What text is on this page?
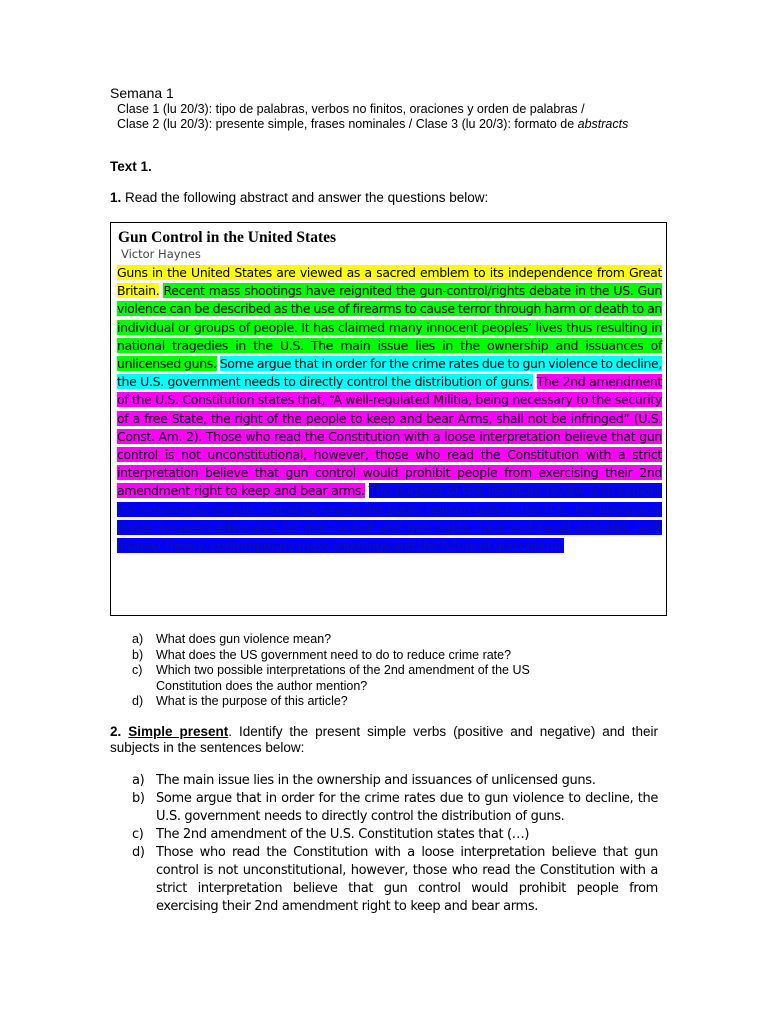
Semana 1
Clase 1 (lu 20/3): tipo de palabras, verbos no finitos, oraciones y orden de palabras /
Clase 2 (lu 20/3): presente simple, frases nominales / Clase 3 (lu 20/3): formato de abstracts
Text 1.
1. Read the following abstract and answer the questions below:
Gun Control in the United States
Victor Haynes
Guns in the United States are viewed as a sacred emblem to its independence from Great Britain. Recent mass shootings have reignited the gun-control/rights debate in the US. Gun violence can be described as the use of firearms to cause terror through harm or death to an individual or groups of people. It has claimed many innocent peoples’ lives thus resulting in national tragedies in the U.S. The main issue lies in the ownership and issuances of unlicensed guns. Some argue that in order for the crime rates due to gun violence to decline, the U.S. government needs to directly control the distribution of guns. The 2nd amendment of the U.S. Constitution states that, “A well-regulated Militia, being necessary to the security of a free State, the right of the people to keep and bear Arms, shall not be infringed” (U.S. Const. Am. 2). Those who read the Constitution with a loose interpretation believe that gun control is not unconstitutional, however, those who read the Constitution with a strict interpretation believe that gun control would prohibit people from exercising their 2nd amendment right to keep and bear arms. The purpose of this literature review is to explore the scholarship on gun control by examining public opinion polls in the U.S., the ideological divide between advocates for gun control and gun rights, race and racial attitudes, self-interest theory, contemporary mass shootings and the future of gun control.
a) What does gun violence mean?
b) What does the US government need to do to reduce crime rate?
c) Which two possible interpretations of the 2nd amendment of the US Constitution does the author mention?
d) What is the purpose of this article?
2. Simple present. Identify the present simple verbs (positive and negative) and their subjects in the sentences below:
a) The main issue lies in the ownership and issuances of unlicensed guns.
b) Some argue that in order for the crime rates due to gun violence to decline, the U.S. government needs to directly control the distribution of guns.
c) The 2nd amendment of the U.S. Constitution states that (…)
d) Those who read the Constitution with a loose interpretation believe that gun control is not unconstitutional, however, those who read the Constitution with a strict interpretation believe that gun control would prohibit people from exercising their 2nd amendment right to keep and bear arms.
